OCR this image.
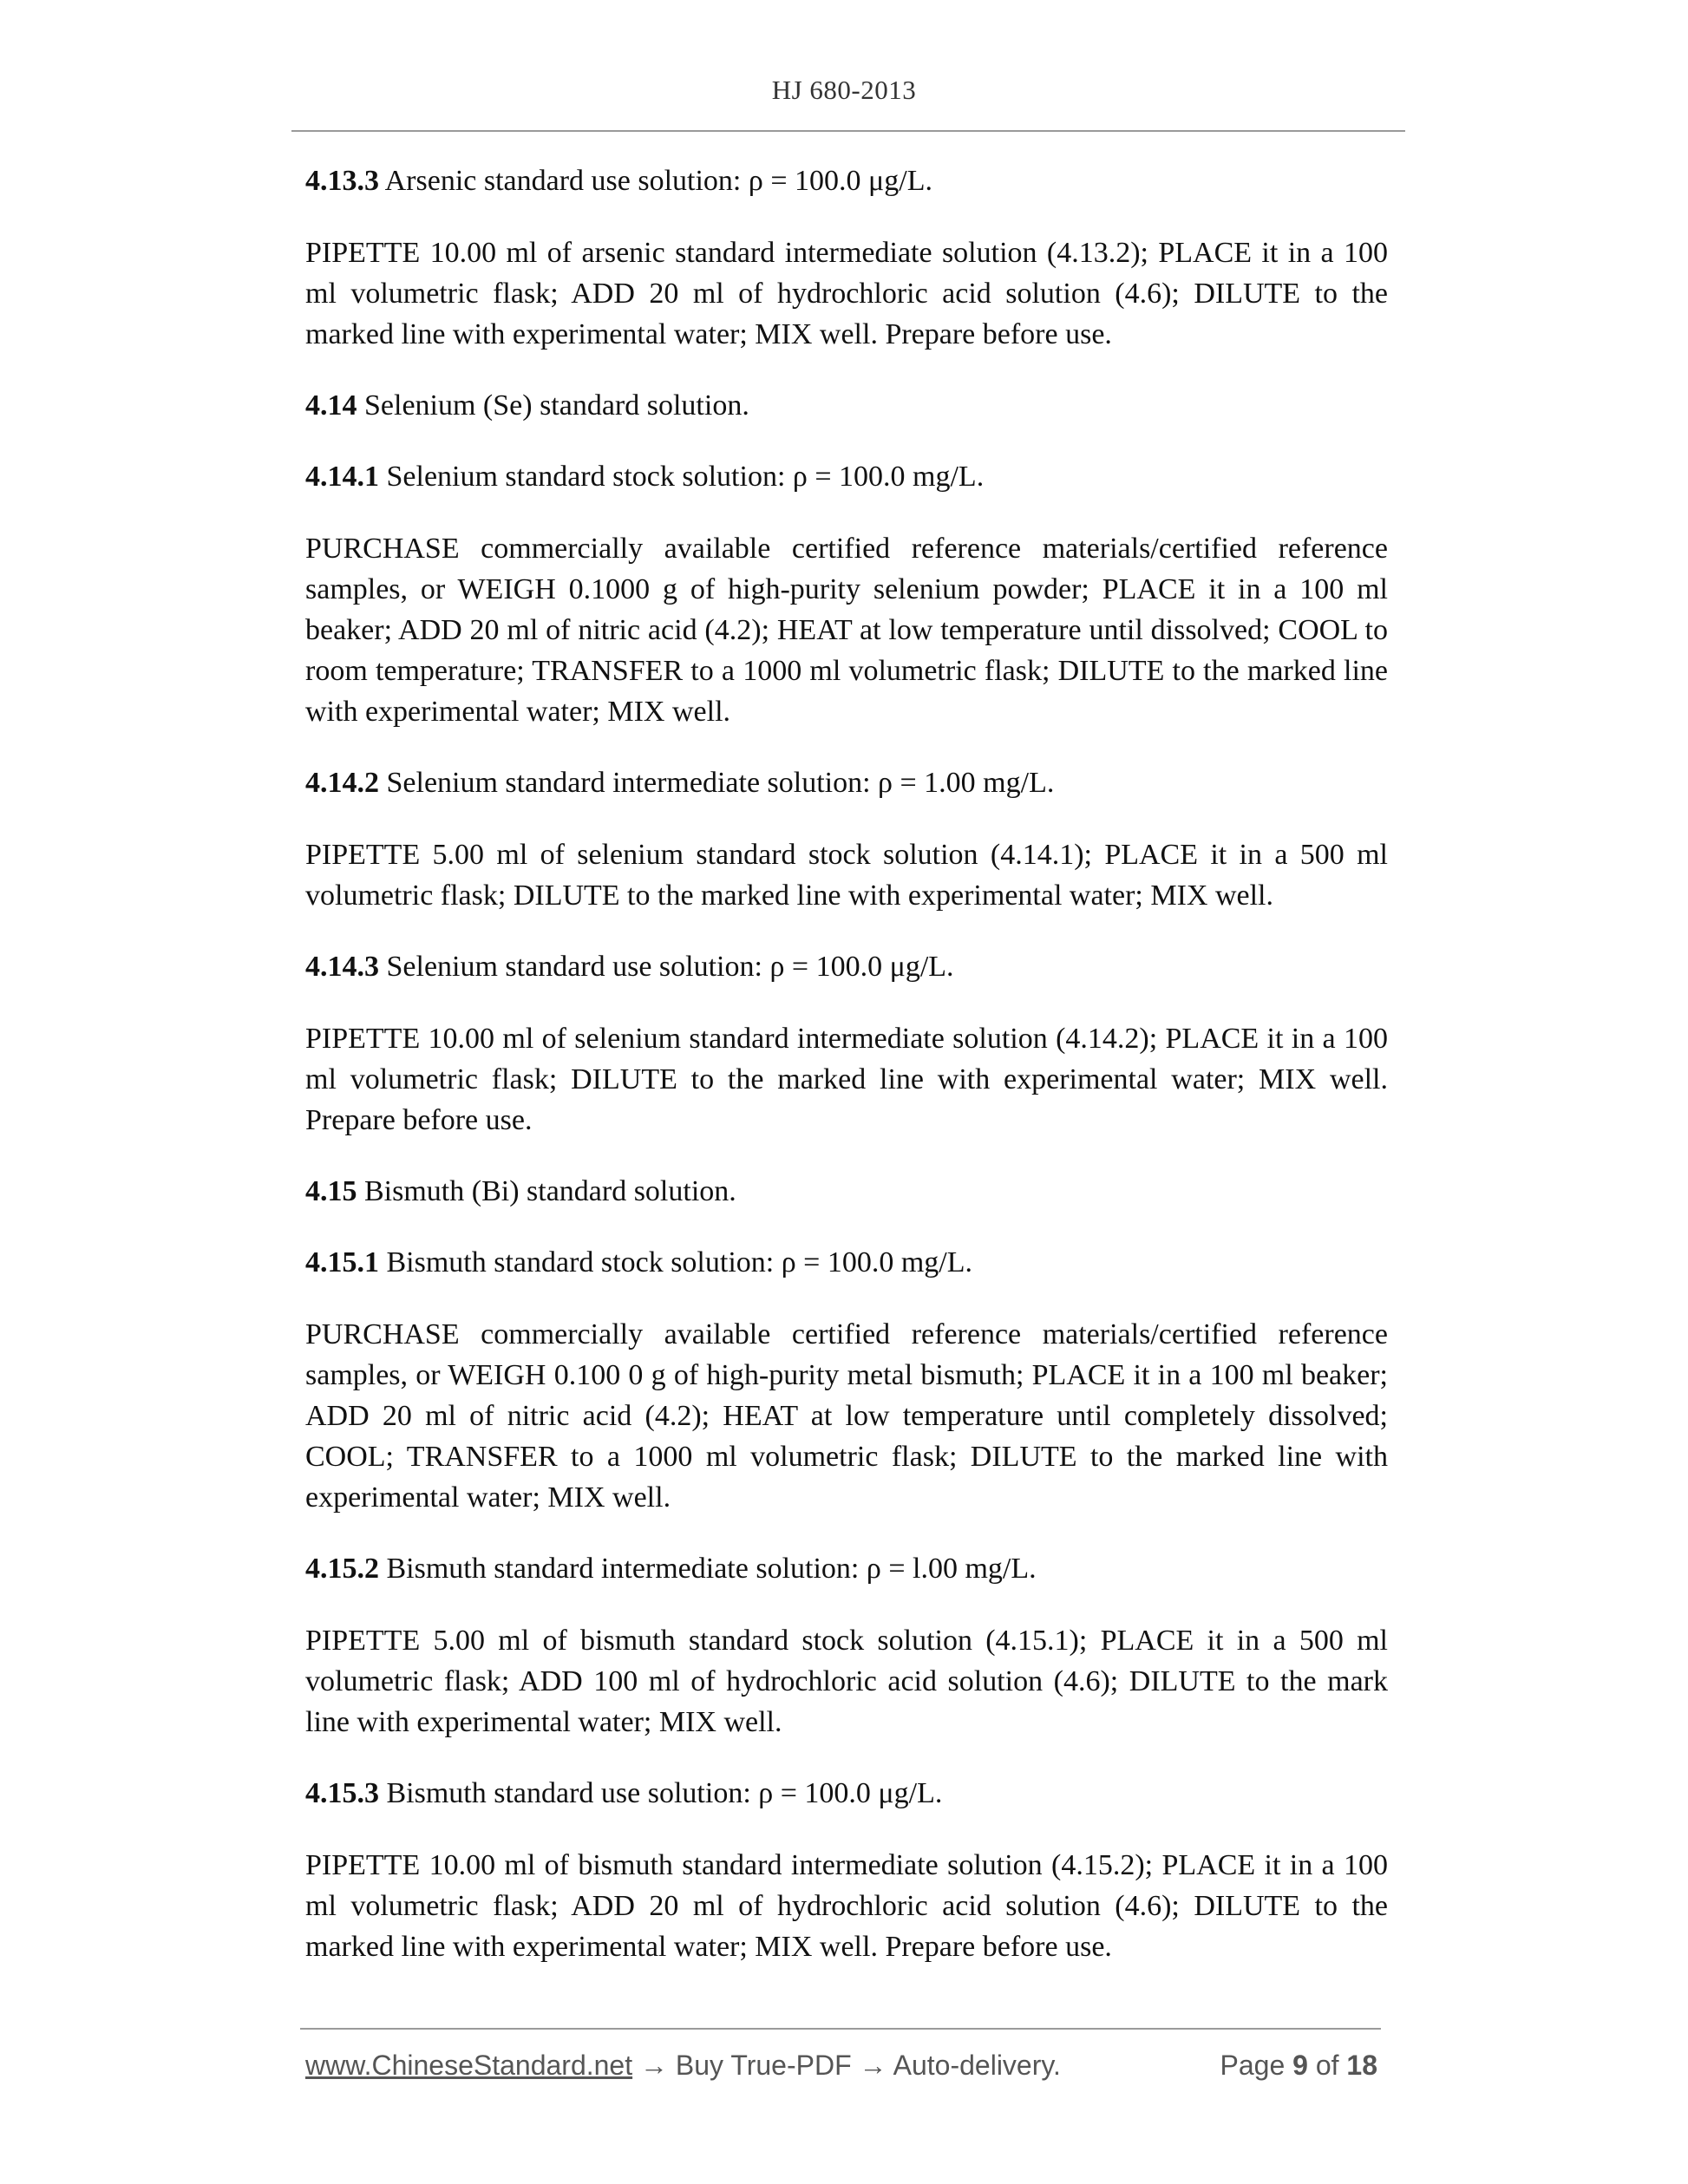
HJ 680-2013
4.13.3 Arsenic standard use solution: ρ = 100.0 μg/L.
PIPETTE 10.00 ml of arsenic standard intermediate solution (4.13.2); PLACE it in a 100 ml volumetric flask; ADD 20 ml of hydrochloric acid solution (4.6); DILUTE to the marked line with experimental water; MIX well. Prepare before use.
4.14 Selenium (Se) standard solution.
4.14.1 Selenium standard stock solution: ρ = 100.0 mg/L.
PURCHASE commercially available certified reference materials/certified reference samples, or WEIGH 0.1000 g of high-purity selenium powder; PLACE it in a 100 ml beaker; ADD 20 ml of nitric acid (4.2); HEAT at low temperature until dissolved; COOL to room temperature; TRANSFER to a 1000 ml volumetric flask; DILUTE to the marked line with experimental water; MIX well.
4.14.2 Selenium standard intermediate solution: ρ = 1.00 mg/L.
PIPETTE 5.00 ml of selenium standard stock solution (4.14.1); PLACE it in a 500 ml volumetric flask; DILUTE to the marked line with experimental water; MIX well.
4.14.3 Selenium standard use solution: ρ = 100.0 μg/L.
PIPETTE 10.00 ml of selenium standard intermediate solution (4.14.2); PLACE it in a 100 ml volumetric flask; DILUTE to the marked line with experimental water; MIX well. Prepare before use.
4.15 Bismuth (Bi) standard solution.
4.15.1 Bismuth standard stock solution: ρ = 100.0 mg/L.
PURCHASE commercially available certified reference materials/certified reference samples, or WEIGH 0.100 0 g of high-purity metal bismuth; PLACE it in a 100 ml beaker; ADD 20 ml of nitric acid (4.2); HEAT at low temperature until completely dissolved; COOL; TRANSFER to a 1000 ml volumetric flask; DILUTE to the marked line with experimental water; MIX well.
4.15.2 Bismuth standard intermediate solution: ρ = l.00 mg/L.
PIPETTE 5.00 ml of bismuth standard stock solution (4.15.1); PLACE it in a 500 ml volumetric flask; ADD 100 ml of hydrochloric acid solution (4.6); DILUTE to the mark line with experimental water; MIX well.
4.15.3 Bismuth standard use solution: ρ = 100.0 μg/L.
PIPETTE 10.00 ml of bismuth standard intermediate solution (4.15.2); PLACE it in a 100 ml volumetric flask; ADD 20 ml of hydrochloric acid solution (4.6); DILUTE to the marked line with experimental water; MIX well. Prepare before use.
www.ChineseStandard.net → Buy True-PDF → Auto-delivery.	Page 9 of 18
